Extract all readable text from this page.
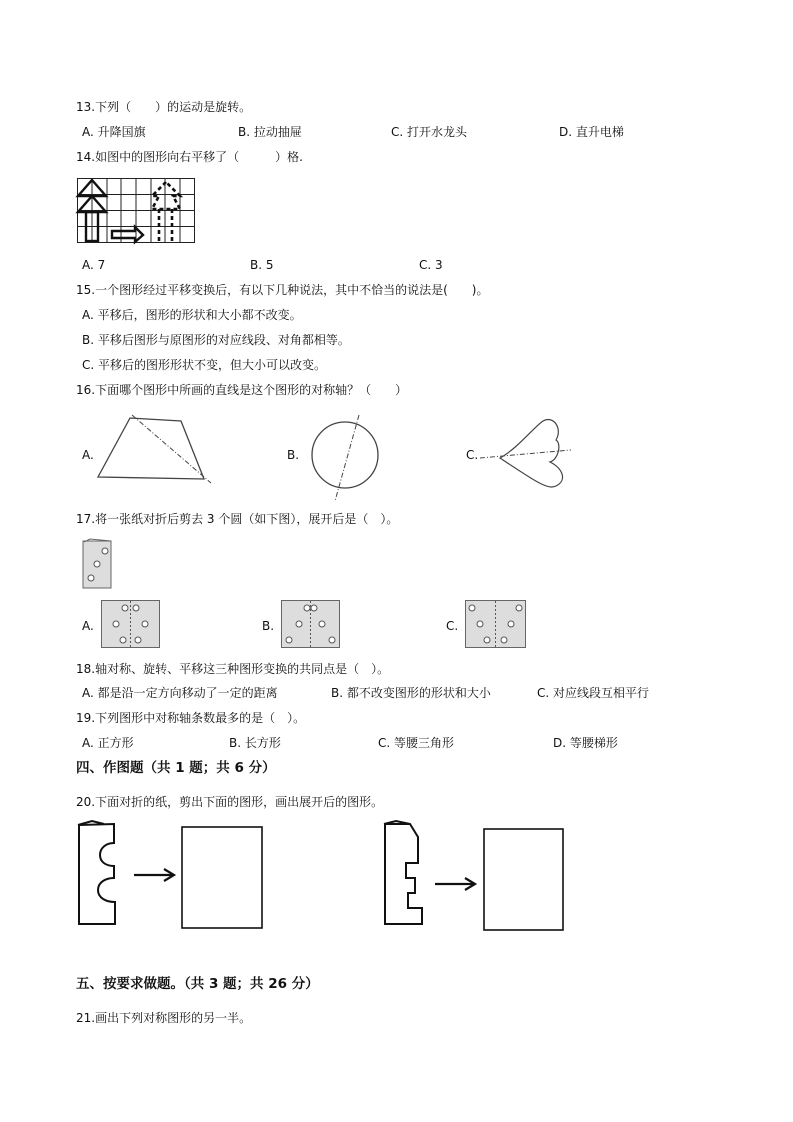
13.下列（　　）的运动是旋转。
A. 升降国旗	B. 拉动抽屉	C. 打开水龙头	D. 直升电梯
14.如图中的图形向右平移了（　　　）格.
A. 7	B. 5	C. 3
15.一个图形经过平移变换后，有以下几种说法，其中不恰当的说法是(　　)。
A. 平移后，图形的形状和大小都不改变。
B. 平移后图形与原图形的对应线段、对角都相等。
C. 平移后的图形形状不变，但大小可以改变。
16.下面哪个图形中所画的直线是这个图形的对称轴？（　　）
A.	B.	C.
17.将一张纸对折后剪去 3 个圆（如下图），展开后是（　）。
A.	B.	C.
18.轴对称、旋转、平移这三种图形变换的共同点是（　）。
A. 都是沿一定方向移动了一定的距离	B. 都不改变图形的形状和大小	C. 对应线段互相平行
19.下列图形中对称轴条数最多的是（　）。
A. 正方形	B. 长方形	C. 等腰三角形	D. 等腰梯形
四、作图题（共 1 题；共 6 分）
20.下面对折的纸，剪出下面的图形，画出展开后的图形。
五、按要求做题。（共 3 题；共 26 分）
21.画出下列对称图形的另一半。
